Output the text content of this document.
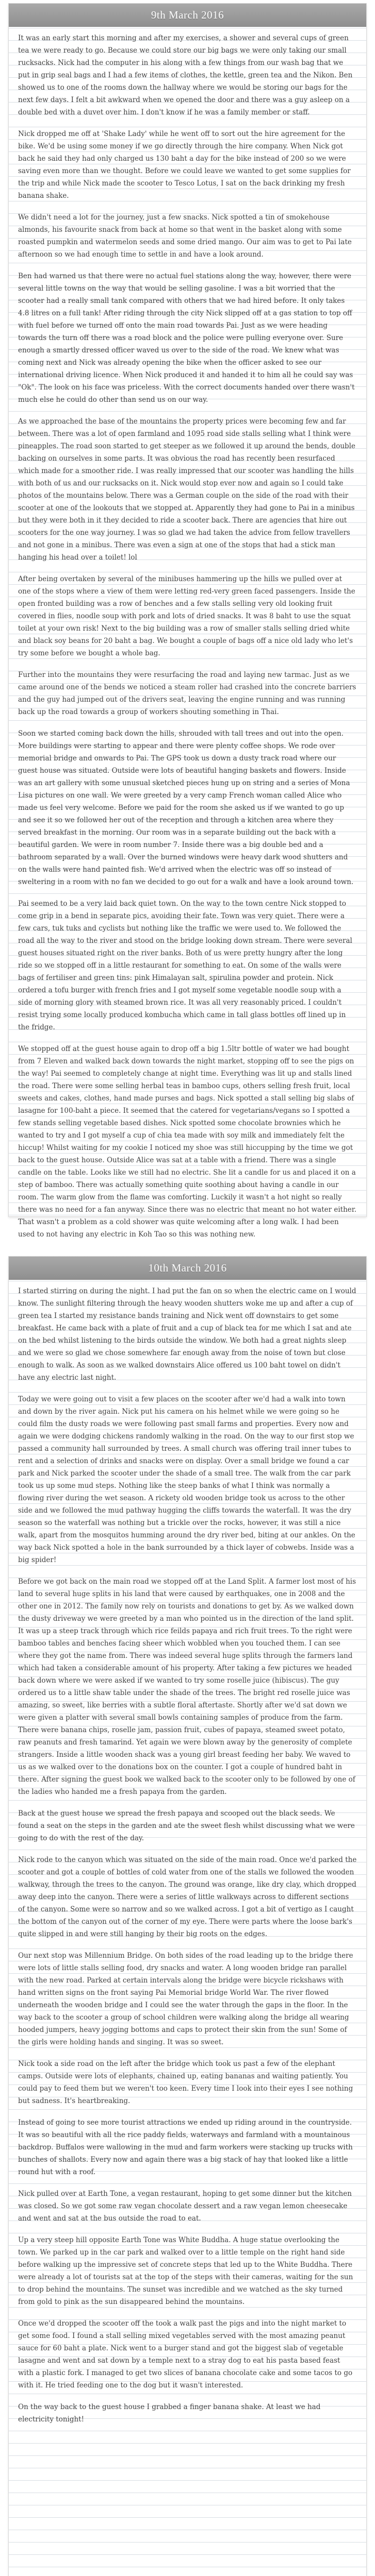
9th March 2016

It was an early start this morning and after my exercises, a shower and several cups of green tea we were ready to go. Because we could store our big bags we were only taking our small rucksacks. Nick had the computer in his along with a few things from our wash bag that we put in grip seal bags and I had a few items of clothes, the kettle, green tea and the Nikon. Ben showed us to one of the rooms down the hallway where we would be storing our bags for the next few days. I felt a bit awkward when we opened the door and there was a guy asleep on a double bed with a duvet over him. I don't know if he was a family member or staff.

Nick dropped me off at 'Shake Lady' while he went off to sort out the hire agreement for the bike. We'd be using some money if we go directly through the hire company. When Nick got back he said they had only charged us 130 baht a day for the bike instead of 200 so we were saving even more than we thought. Before we could leave we wanted to get some supplies for the trip and while Nick made the scooter to Tesco Lotus, I sat on the back drinking my fresh banana shake.

We didn't need a lot for the journey, just a few snacks. Nick spotted a tin of smokehouse almonds, his favourite snack from back at home so that went in the basket along with some roasted pumpkin and watermelon seeds and some dried mango. Our aim was to get to Pai late afternoon so we had enough time to settle in and have a look around.

Ben had warned us that there were no actual fuel stations along the way, however, there were several little towns on the way that would be selling gasoline. I was a bit worried that the scooter had a really small tank compared with others that we had hired before. It only takes 4.8 litres on a full tank! After riding through the city Nick slipped off at a gas station to top off with fuel before we turned off onto the main road towards Pai. Just as we were heading towards the turn off there was a road block and the police were pulling everyone over. Sure enough a smartly dressed officer waved us over to the side of the road. We knew what was coming next and Nick was already opening the bike when the officer asked to see our international driving licence. When Nick produced it and handed it to him all he could say was "Ok". The look on his face was priceless. With the correct documents handed over there wasn't much else he could do other than send us on our way.

As we approached the base of the mountains the property prices were becoming few and far between. There was a lot of open farmland and 1095 road side stalls selling what I think were pineapples. The road soon started to get steeper as we followed it up around the bends, double backing on ourselves in some parts. It was obvious the road has recently been resurfaced which made for a smoother ride. I was really impressed that our scooter was handling the hills with both of us and our rucksacks on it. Nick would stop ever now and again so I could take photos of the mountains below. There was a German couple on the side of the road with their scooter at one of the lookouts that we stopped at. Apparently they had gone to Pai in a minibus but they were both in it they decided to ride a scooter back. There are agencies that hire out scooters for the one way journey. I was so glad we had taken the advice from fellow travellers and not gone in a minibus. There was even a sign at one of the stops that had a stick man hanging his head over a toilet! lol

After being overtaken by several of the minibuses hammering up the hills we pulled over at one of the stops where a view of them were letting red-very green faced passengers. Inside the open fronted building was a row of benches and a few stalls selling very old looking fruit covered in flies, noodle soup with pork and lots of dried snacks. It was 8 baht to use the squat toilet at your own risk! Next to the big building was a row of smaller stalls selling dried white and black soy beans for 20 baht a bag. We bought a couple of bags off a nice old lady who let's try some before we bought a whole bag.

Further into the mountains they were resurfacing the road and laying new tarmac. Just as we came around one of the bends we noticed a steam roller had crashed into the concrete barriers and the guy had jumped out of the drivers seat, leaving the engine running and was running back up the road towards a group of workers shouting something in Thai.

Soon we started coming back down the hills, shrouded with tall trees and out into the open. More buildings were starting to appear and there were plenty coffee shops. We rode over memorial bridge and onwards to Pai. The GPS took us down a dusty track road where our guest house was situated. Outside were lots of beautiful hanging baskets and flowers. Inside was an art gallery with some unusual sketched pieces hung up on string and a series of Mona Lisa pictures on one wall. We were greeted by a very camp French woman called Alice who made us feel very welcome. Before we paid for the room she asked us if we wanted to go up and see it so we followed her out of the reception and through a kitchen area where they served breakfast in the morning. Our room was in a separate building out the back with a beautiful garden. We were in room number 7. Inside there was a big double bed and a bathroom separated by a wall. Over the burned windows were heavy dark wood shutters and on the walls were hand painted fish. We'd arrived when the electric was off so instead of sweltering in a room with no fan we decided to go out for a walk and have a look around town.

Pai seemed to be a very laid back quiet town. On the way to the town centre Nick stopped to come grip in a bend in separate pics, avoiding their fate. Town was very quiet. There were a few cars, tuk tuks and cyclists but nothing like the traffic we were used to. We followed the road all the way to the river and stood on the bridge looking down stream. There were several guest houses situated right on the river banks. Both of us were pretty hungry after the long ride so we stopped off in a little restaurant for something to eat. On some of the walls were bags of fertiliser and green tins: pink Himalayan salt, spirulina powder and protein. Nick ordered a tofu burger with french fries and I got myself some vegetable noodle soup with a side of morning glory with steamed brown rice. It was all very reasonably priced. I couldn't resist trying some locally produced kombucha which came in tall glass bottles off lined up in the fridge.

We stopped off at the guest house again to drop off a big 1.5ltr bottle of water we had bought from 7 Eleven and walked back down towards the night market, stopping off to see the pigs on the way! Pai seemed to completely change at night time. Everything was lit up and stalls lined the road. There were some selling herbal teas in bamboo cups, others selling fresh fruit, local sweets and cakes, clothes, hand made purses and bags. Nick spotted a stall selling big slabs of lasagne for 100-baht a piece. It seemed that the catered for vegetarians/vegans so I spotted a few stands selling vegetable based dishes. Nick spotted some chocolate brownies which he wanted to try and I got myself a cup of chia tea made with soy milk and immediately felt the hiccup! Whilst waiting for my cookie I noticed my shoe was still hiccupping by the time we got back to the guest house. Outside Alice was sat at a table with a friend. There was a single candle on the table. Looks like we still had no electric. She lit a candle for us and placed it on a step of bamboo. There was actually something quite soothing about having a candle in our room. The warm glow from the flame was comforting. Luckily it wasn't a hot night so really there was no need for a fan anyway. Since there was no electric that meant no hot water either. That wasn't a problem as a cold shower was quite welcoming after a long walk. I had been used to not having any electric in Koh Tao so this was nothing new.

10th March 2016

I started stirring on during the night. I had put the fan on so when the electric came on I would know. The sunlight filtering through the heavy wooden shutters woke me up and after a cup of green tea I started my resistance bands training and Nick went off downstairs to get some breakfast. He came back with a plate of fruit and a cup of black tea for me which I sat and ate on the bed whilst listening to the birds outside the window. We both had a great nights sleep and we were so glad we chose somewhere far enough away from the noise of town but close enough to walk. As soon as we walked downstairs Alice offered us 100 baht towel on didn't have any electric last night.

Today we were going out to visit a few places on the scooter after we'd had a walk into town and down by the river again. Nick put his camera on his helmet while we were going so he could film the dusty roads we were following past small farms and properties. Every now and again we were dodging chickens randomly walking in the road. On the way to our first stop we passed a community hall surrounded by trees. A small church was offering trail inner tubes to rent and a selection of drinks and snacks were on display. Over a small bridge we found a car park and Nick parked the scooter under the shade of a small tree. The walk from the car park took us up some mud steps. Nothing like the steep banks of what I think was normally a flowing river during the wet season. A rickety old wooden bridge took us across to the other side and we followed the mud pathway hugging the cliffs towards the waterfall. It was the dry season so the waterfall was nothing but a trickle over the rocks, however, it was still a nice walk, apart from the mosquitos humming around the dry river bed, biting at our ankles. On the way back Nick spotted a hole in the bank surrounded by a thick layer of cobwebs. Inside was a big spider!

Before we got back on the main road we stopped off at the Land Split. A farmer lost most of his land to several huge splits in his land that were caused by earthquakes, one in 2008 and the other one in 2012. The family now rely on tourists and donations to get by. As we walked down the dusty driveway we were greeted by a man who pointed us in the direction of the land split. It was up a steep track through which rice feilds papaya and rich fruit trees. To the right were bamboo tables and benches facing sheer which wobbled when you touched them. I can see where they got the name from. There was indeed several huge splits through the farmers land which had taken a considerable amount of his property. After taking a few pictures we headed back down where we were asked if we wanted to try some roselle juice (hibiscus). The guy ordered us to a little shaw table under the shade of the trees. The bright red roselle juice was amazing, so sweet, like berries with a subtle floral aftertaste. Shortly after we'd sat down we were given a platter with several small bowls containing samples of produce from the farm. There were banana chips, roselle jam, passion fruit, cubes of papaya, steamed sweet potato, raw peanuts and fresh tamarind. Yet again we were blown away by the generosity of complete strangers. Inside a little wooden shack was a young girl breast feeding her baby. We waved to us as we walked over to the donations box on the counter. I got a couple of hundred baht in there. After signing the guest book we walked back to the scooter only to be followed by one of the ladies who handed me a fresh papaya from the garden.

Back at the guest house we spread the fresh papaya and scooped out the black seeds. We found a seat on the steps in the garden and ate the sweet flesh whilst discussing what we were going to do with the rest of the day.

Nick rode to the canyon which was situated on the side of the main road. Once we'd parked the scooter and got a couple of bottles of cold water from one of the stalls we followed the wooden walkway, through the trees to the canyon. The ground was orange, like dry clay, which dropped away deep into the canyon. There were a series of little walkways across to different sections of the canyon. Some were so narrow and so we walked across. I got a bit of vertigo as I caught the bottom of the canyon out of the corner of my eye. There were parts where the loose bark's quite slipped in and were still hanging by their big roots on the edges.

Our next stop was Millennium Bridge. On both sides of the road leading up to the bridge there were lots of little stalls selling food, dry snacks and water. A long wooden bridge ran parallel with the new road. Parked at certain intervals along the bridge were bicycle rickshaws with hand written signs on the front saying Pai Memorial bridge World War. The river flowed underneath the wooden bridge and I could see the water through the gaps in the floor. In the way back to the scooter a group of school children were walking along the bridge all wearing hooded jumpers, heavy jogging bottoms and caps to protect their skin from the sun! Some of the girls were holding hands and singing. It was so sweet.

Nick took a side road on the left after the bridge which took us past a few of the elephant camps. Outside were lots of elephants, chained up, eating bananas and waiting patiently. You could pay to feed them but we weren't too keen. Every time I look into their eyes I see nothing but sadness. It's heartbreaking.

Instead of going to see more tourist attractions we ended up riding around in the countryside. It was so beautiful with all the rice paddy fields, waterways and farmland with a mountainous backdrop. Buffalos were wallowing in the mud and farm workers were stacking up trucks with bunches of shallots. Every now and again there was a big stack of hay that looked like a little round hut with a roof.

Nick pulled over at Earth Tone, a vegan restaurant, hoping to get some dinner but the kitchen was closed. So we got some raw vegan chocolate dessert and a raw vegan lemon cheesecake and went and sat at the bus outside the road to eat.

Up a very steep hill opposite Earth Tone was White Buddha. A huge statue overlooking the town. We parked up in the car park and walked over to a little temple on the right hand side before walking up the impressive set of concrete steps that led up to the White Buddha. There were already a lot of tourists sat at the top of the steps with their cameras, waiting for the sun to drop behind the mountains. The sunset was incredible and we watched as the sky turned from gold to pink as the sun disappeared behind the mountains.

Once we'd dropped the scooter off the took a walk past the pigs and into the night market to get some food. I found a stall selling mixed vegetables served with the most amazing peanut sauce for 60 baht a plate. Nick went to a burger stand and got the biggest slab of vegetable lasagne and went and sat down by a temple next to a stray dog to eat his pasta based feast with a plastic fork. I managed to get two slices of banana chocolate cake and some tacos to go with it. He tried feeding one to the dog but it wasn't interested.

On the way back to the guest house I grabbed a finger banana shake. At least we had electricity tonight!
